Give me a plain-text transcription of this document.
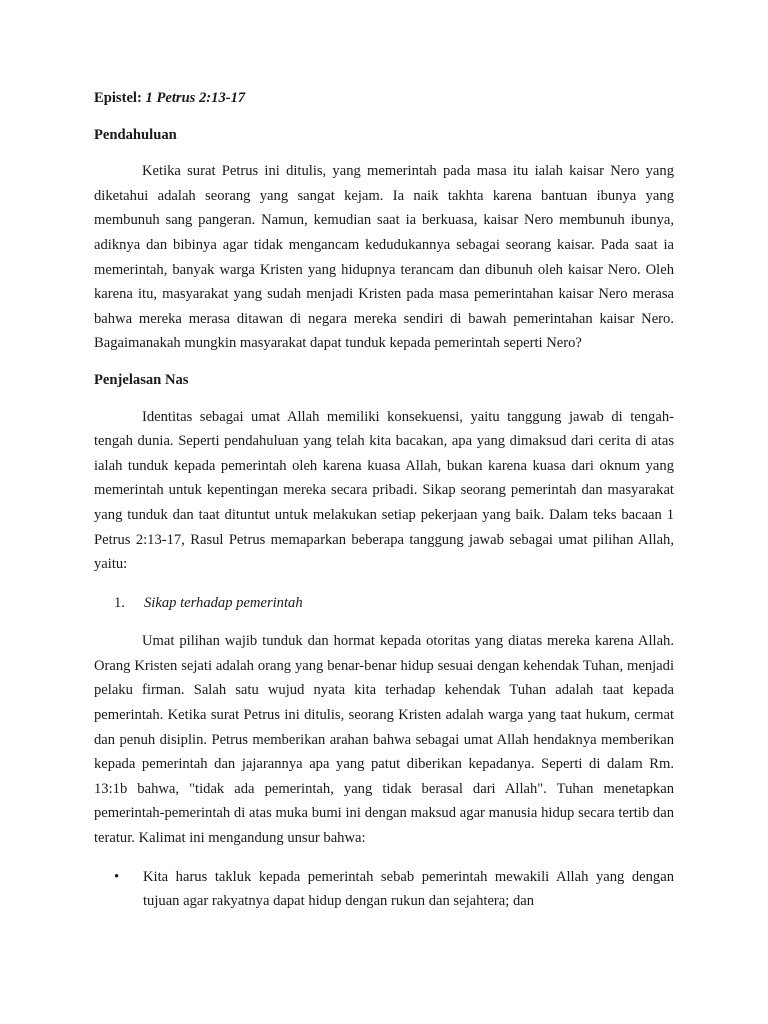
Epistel: 1 Petrus 2:13-17
Pendahuluan

Ketika surat Petrus ini ditulis, yang memerintah pada masa itu ialah kaisar Nero yang diketahui adalah seorang yang sangat kejam. Ia naik takhta karena bantuan ibunya yang membunuh sang pangeran. Namun, kemudian saat ia berkuasa, kaisar Nero membunuh ibunya, adiknya dan bibinya agar tidak mengancam kedudukannya sebagai seorang kaisar. Pada saat ia memerintah, banyak warga Kristen yang hidupnya terancam dan dibunuh oleh kaisar Nero. Oleh karena itu, masyarakat yang sudah menjadi Kristen pada masa pemerintahan kaisar Nero merasa bahwa mereka merasa ditawan di negara mereka sendiri di bawah pemerintahan kaisar Nero. Bagaimanakah mungkin masyarakat dapat tunduk kepada pemerintah seperti Nero?

Penjelasan Nas

Identitas sebagai umat Allah memiliki konsekuensi, yaitu tanggung jawab di tengah-tengah dunia. Seperti pendahuluan yang telah kita bacakan, apa yang dimaksud dari cerita di atas ialah tunduk kepada pemerintah oleh karena kuasa Allah, bukan karena kuasa dari oknum yang memerintah untuk kepentingan mereka secara pribadi. Sikap seorang pemerintah dan masyarakat yang tunduk dan taat dituntut untuk melakukan setiap pekerjaan yang baik. Dalam teks bacaan 1 Petrus 2:13-17, Rasul Petrus memaparkan beberapa tanggung jawab sebagai umat pilihan Allah, yaitu:

1.	Sikap terhadap pemerintah

Umat pilihan wajib tunduk dan hormat kepada otoritas yang diatas mereka karena Allah. Orang Kristen sejati adalah orang yang benar-benar hidup sesuai dengan kehendak Tuhan, menjadi pelaku firman. Salah satu wujud nyata kita terhadap kehendak Tuhan adalah taat kepada pemerintah. Ketika surat Petrus ini ditulis, seorang Kristen adalah warga yang taat hukum, cermat dan penuh disiplin. Petrus memberikan arahan bahwa sebagai umat Allah hendaknya memberikan kepada pemerintah dan jajarannya apa yang patut diberikan kepadanya. Seperti di dalam Rm. 13:1b bahwa, "tidak ada pemerintah, yang tidak berasal dari Allah". Tuhan menetapkan pemerintah-pemerintah di atas muka bumi ini dengan maksud agar manusia hidup secara tertib dan teratur. Kalimat ini mengandung unsur bahwa:

•	Kita harus takluk kepada pemerintah sebab pemerintah mewakili Allah yang dengan tujuan agar rakyatnya dapat hidup dengan rukun dan sejahtera; dan
